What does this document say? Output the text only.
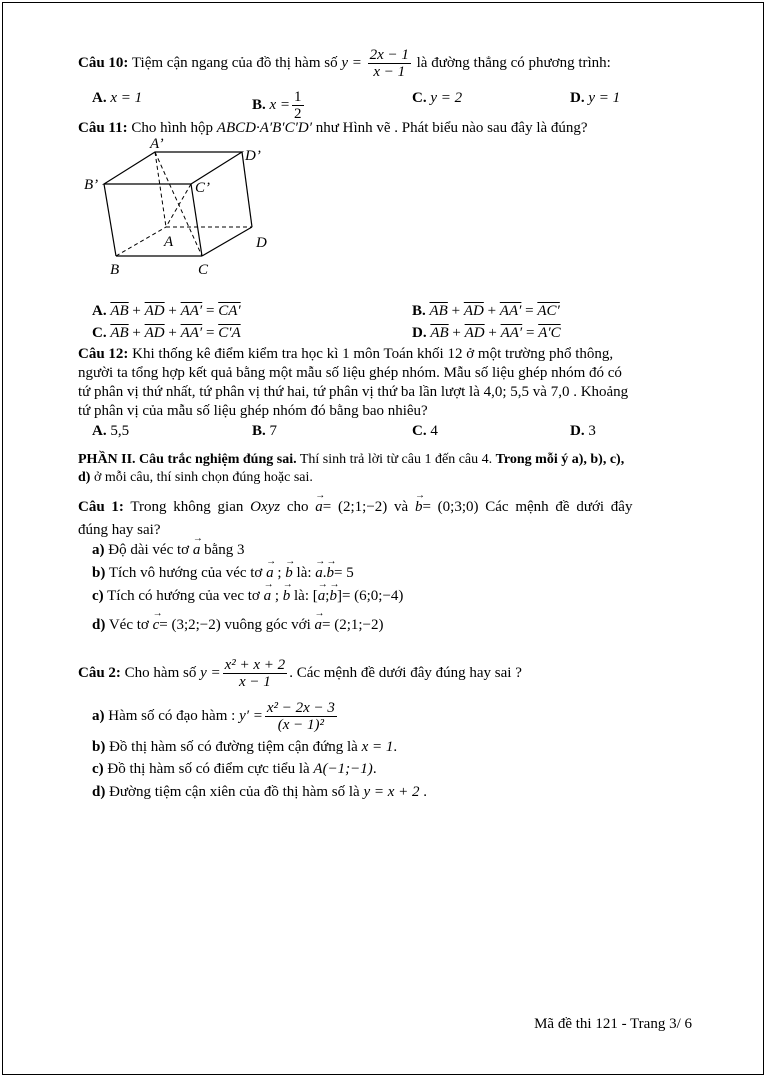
Câu 10: Tiệm cận ngang của đồ thị hàm số $y = \frac{2x - 1}{x - 1}$ là đường thẳng có phương trình:
A. x = 1	B. $x = \frac{1}{2}$	C. y = 2	D. y = 1
Câu 11: Cho hình hộp ABCD·A′B′C′D′ như Hình vẽ . Phát biểu nào sau đây là đúng?
A’
D’
B’	C’
A	D
B	C
A. $\overline{AB} + \overline{AD} + AA' = CA'$	B. $\overline{AB} + \overline{AD} + AA' = AC'$
C. $\overline{AB} + \overline{AD} + AA' = C'A$	D. $\overline{AB} + \overline{AD} + AA' = A'C$
Câu 12: Khi thống kê điểm kiểm tra học kì 1 môn Toán khối 12 ở một trường phổ thông,
người ta tổng hợp kết quả bằng một mẫu số liệu ghép nhóm. Mẫu số liệu ghép nhóm đó có
tứ phân vị thứ nhất, tứ phân vị thứ hai, tứ phân vị thứ ba lần lượt là 4,0; 5,5 và 7,0 . Khoảng
tứ phân vị của mẫu số liệu ghép nhóm đó bằng bao nhiêu?
A. 5,5	B. 7	C. 4	D. 3
PHẦN II. Câu trắc nghiệm đúng sai. Thí sinh trả lời từ câu 1 đến câu 4. Trong mỗi ý a), b), c),
d) ở mỗi câu, thí sinh chọn đúng hoặc sai.
Câu 1: Trong không gian Oxyz cho → a= (2;1;−2) và → b= (0;3;0) Các mệnh đề dưới đây
đúng hay sai?
a) Độ dài véc tơ → a bằng 3
b) Tích vô hướng của véc tơ → a ; → b là: → a.→ b= 5
c) Tích có hướng của vec tơ → a ; → b là: [→ a;→ b]= (6;0;−4)
d) Véc tơ → c= (3;2;−2) vuông góc với → a= (2;1;−2)
Câu 2: Cho hàm số $y = \frac{\text{x² + x + 2}}{x - 1}$ . Các mệnh đề dưới đây đúng hay sai ?
a) Hàm số có đạo hàm : $y' = \frac{\text{x² − 2x − 3}}{\text{(x − 1)²}}$
b) Đồ thị hàm số có đường tiệm cận đứng là x = 1.
c) Đồ thị hàm số có điểm cực tiểu là A(−1;−1).
d) Đường tiệm cận xiên của đồ thị hàm số là y = x + 2 .
Mã đề thi 121 - Trang 3/ 6
